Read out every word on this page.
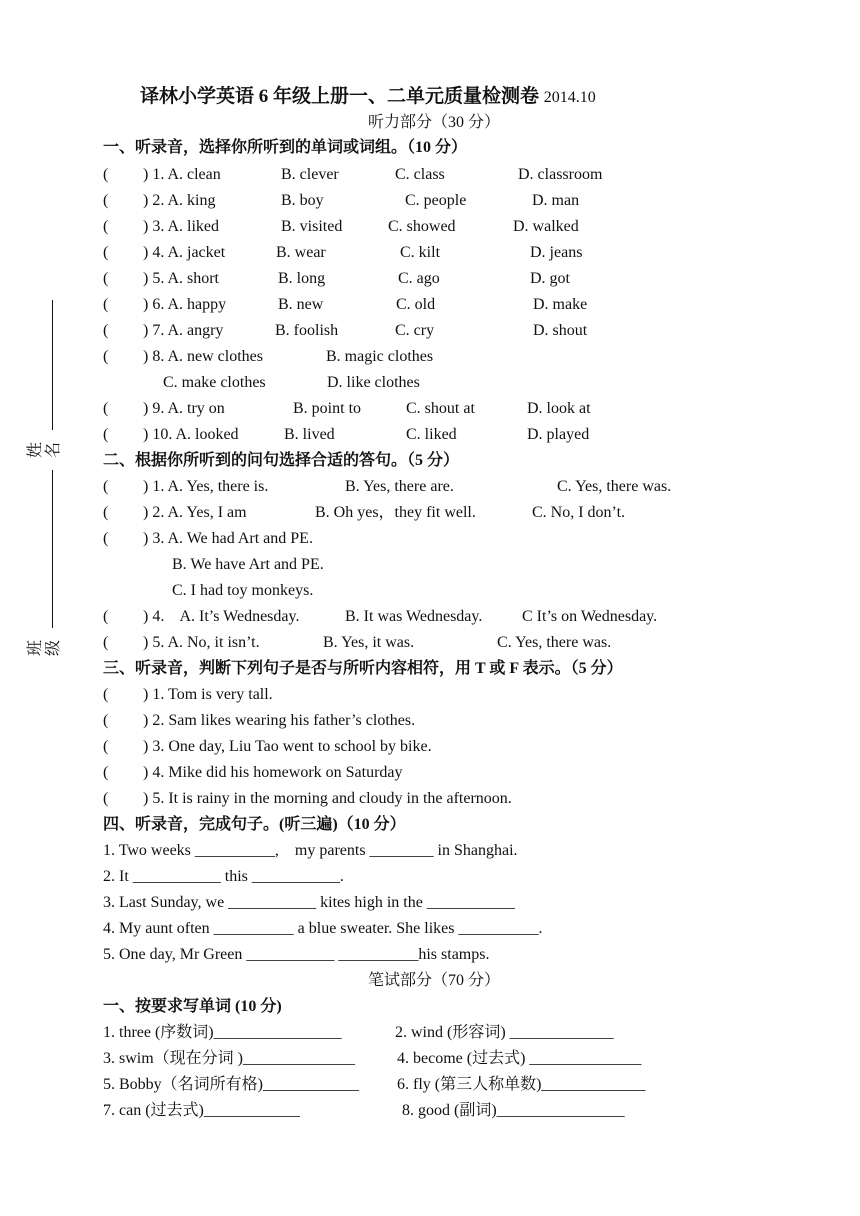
译林小学英语 6 年级上册一、二单元质量检测卷 2014.10
听力部分（30 分）
姓名
班级
一、听录音，选择你所听到的单词或词组。（10 分）
( ) 1. A. clean	B. clever	C. class	D. classroom
( ) 2. A. king	B. boy	C. people	D. man
( ) 3. A. liked	B. visited	C. showed	D. walked
( ) 4. A. jacket	B. wear	C. kilt	D. jeans
( ) 5. A. short	B. long	C. ago	D. got
( ) 6. A. happy	B. new	C. old	D. make
( ) 7. A. angry	B. foolish	C. cry	D. shout
( ) 8. A. new clothes	B. magic clothes
C. make clothes	D. like clothes
( ) 9. A. try on	B. point to	C. shout at	D. look at
( ) 10. A. looked	B. lived	C. liked	D. played
二、根据你所听到的问句选择合适的答句。（5 分）
( ) 1. A. Yes, there is.	B. Yes, there are.	C. Yes, there was.
( ) 2. A. Yes, I am	B. Oh yes，they fit well.	C. No, I don’t.
( ) 3. A. We had Art and PE.
B. We have Art and PE.
C. I had toy monkeys.
( ) 4.    A. It’s Wednesday.	B. It was Wednesday. C It’s on Wednesday.
( ) 5. A. No, it isn’t.	B. Yes, it was.	C. Yes, there was.
三、听录音，判断下列句子是否与所听内容相符，用 T 或 F 表示。（5 分）
( ) 1. Tom is very tall.
( ) 2. Sam likes wearing his father’s clothes.
( ) 3. One day, Liu Tao went to school by bike.
( ) 4. Mike did his homework on Saturday
( ) 5. It is rainy in the morning and cloudy in the afternoon.
四、听录音，完成句子。(听三遍)（10 分）
1. Two weeks __________,    my parents ________ in Shanghai.
2. It ___________ this ___________.
3. Last Sunday, we ___________ kites high in the ___________
4. My aunt often __________ a blue sweater. She likes __________.
5. One day, Mr Green ___________ __________his stamps.
笔试部分（70 分）
一、按要求写单词 (10 分)
1. three (序数词)________________	2. wind (形容词) _____________
3. swim（现在分词 )______________	4. become (过去式) ______________
5. Bobby（名词所有格)____________ 6. fly (第三人称单数)_____________
7. can (过去式)____________	8. good (副词)________________
